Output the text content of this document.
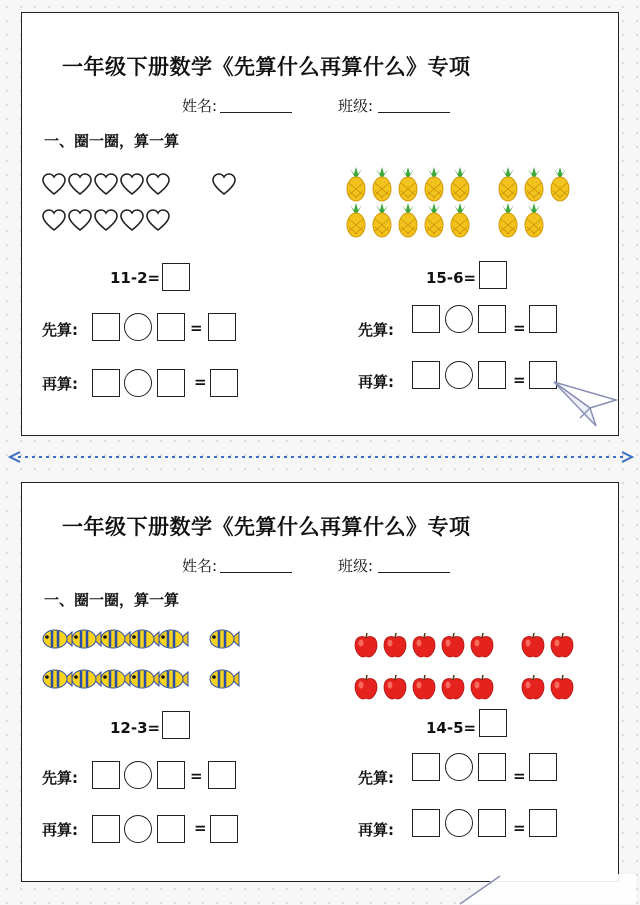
一年级下册数学《先算什么再算什么》专项
姓名:	班级:
一、圈一圈，算一算
11-2=	15-6=
先算:	=	先算:	=
再算:	=	再算:	=
一年级下册数学《先算什么再算什么》专项
姓名:	班级:
一、圈一圈，算一算
12-3=	14-5=
先算:	=	先算:	=
再算:	=	再算:	=
